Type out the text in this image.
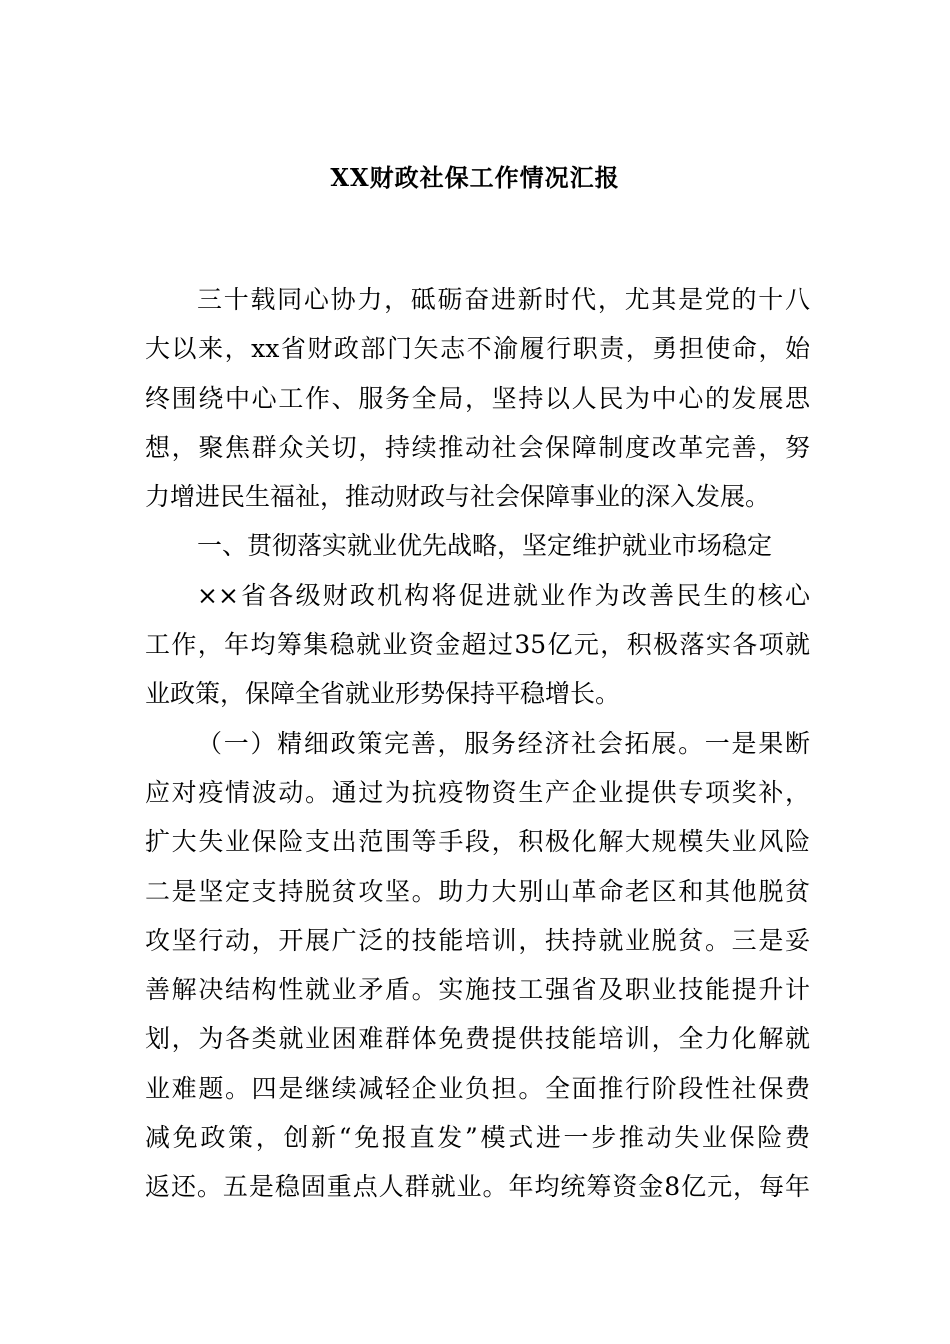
XX财政社保工作情况汇报
三十载同心协力，砥砺奋进新时代，尤其是党的十八
大以来，xx省财政部门矢志不渝履行职责，勇担使命，始
终围绕中心工作、服务全局，坚持以人民为中心的发展思
想，聚焦群众关切，持续推动社会保障制度改革完善，努
力增进民生福祉，推动财政与社会保障事业的深入发展。
一、贯彻落实就业优先战略，坚定维护就业市场稳定
××省各级财政机构将促进就业作为改善民生的核心
工作，年均筹集稳就业资金超过35亿元，积极落实各项就
业政策，保障全省就业形势保持平稳增长。
（一）精细政策完善，服务经济社会拓展。一是果断
应对疫情波动。通过为抗疫物资生产企业提供专项奖补，
扩大失业保险支出范围等手段，积极化解大规模失业风险
二是坚定支持脱贫攻坚。助力大别山革命老区和其他脱贫
攻坚行动，开展广泛的技能培训，扶持就业脱贫。三是妥
善解决结构性就业矛盾。实施技工强省及职业技能提升计
划，为各类就业困难群体免费提供技能培训，全力化解就
业难题。四是继续减轻企业负担。全面推行阶段性社保费
减免政策，创新“免报直发”模式进一步推动失业保险费
返还。五是稳固重点人群就业。年均统筹资金8亿元，每年
